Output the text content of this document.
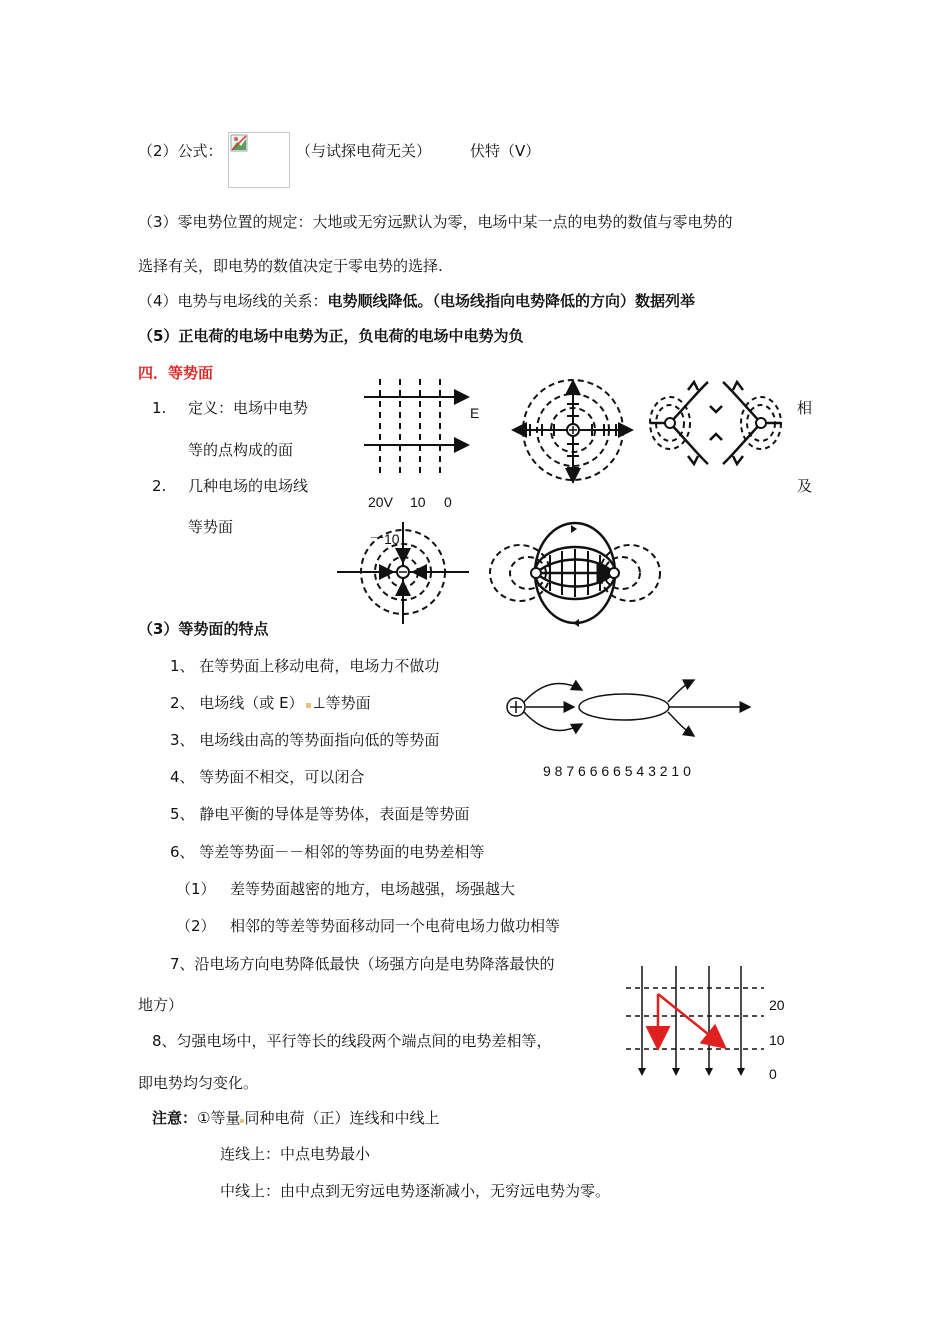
（2）公式：	（与试探电荷无关）	伏特（V）
（3）零电势位置的规定：大地或无穷远默认为零，电场中某一点的电势的数值与零电势的
选择有关，即电势的数值决定于零电势的选择.
（4）电势与电场线的关系：电势顺线降低。（电场线指向电势降低的方向）数据列举
（5）正电荷的电场中电势为正，负电荷的电场中电势为负
四．等势面
1. 定义：电场中电势	相
等的点构成的面
2. 几种电场的电场线	及
等势面
E
20V 10 0
一10
（3）等势面的特点
1、 在等势面上移动电荷，电场力不做功
2、 电场线（或 E） ⊥等势面
3、 电场线由高的等势面指向低的等势面
4、 等势面不相交，可以闭合
5、 静电平衡的导体是等势体，表面是等势面
6、 等差等势面－－相邻的等势面的电势差相等
（1） 差等势面越密的地方，电场越强，场强越大
（2） 相邻的等差等势面移动同一个电荷电场力做功相等
7、沿电场方向电势降低最快（场强方向是电势降落最快的
地方）
8、匀强电场中，平行等长的线段两个端点间的电势差相等，
即电势均匀变化。
9 8 7 6 6 6 6 5 4 3 2 1 0
20
10
0
注意：①等量 同种电荷（正）连线和中线上
连线上：中点电势最小
中线上：由中点到无穷远电势逐渐减小，无穷远电势为零。
